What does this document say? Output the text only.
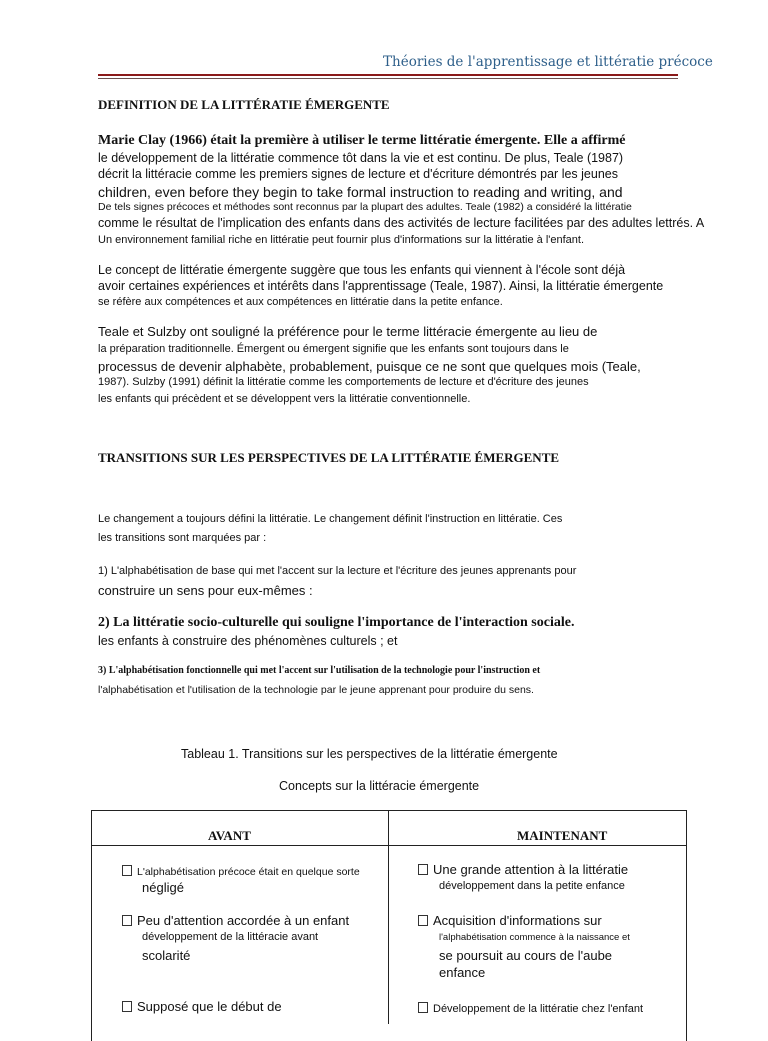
Théories de l'apprentissage et littératie précoce
DEFINITION DE LA LITTÉRATIE ÉMERGENTE
Marie Clay (1966) était la première à utiliser le terme littératie émergente. Elle a affirmé
le développement de la littératie commence tôt dans la vie et est continu. De plus, Teale (1987)
décrit la littéracie comme les premiers signes de lecture et d'écriture démontrés par les jeunes
children, even before they begin to take formal instruction to reading and writing, and
De tels signes précoces et méthodes sont reconnus par la plupart des adultes. Teale (1982) a considéré la littératie
comme le résultat de l'implication des enfants dans des activités de lecture facilitées par des adultes lettrés. A
Un environnement familial riche en littératie peut fournir plus d'informations sur la littératie à l'enfant.
Le concept de littératie émergente suggère que tous les enfants qui viennent à l'école sont déjà
avoir certaines expériences et intérêts dans l'apprentissage (Teale, 1987). Ainsi, la littératie émergente
se réfère aux compétences et aux compétences en littératie dans la petite enfance.
Teale et Sulzby ont souligné la préférence pour le terme littéracie émergente au lieu de
la préparation traditionnelle. Émergent ou émergent signifie que les enfants sont toujours dans le
processus de devenir alphabète, probablement, puisque ce ne sont que quelques mois (Teale,
1987). Sulzby (1991) définit la littératie comme les comportements de lecture et d'écriture des jeunes
les enfants qui précèdent et se développent vers la littératie conventionnelle.
TRANSITIONS SUR LES PERSPECTIVES DE LA LITTÉRATIE ÉMERGENTE
Le changement a toujours défini la littératie. Le changement définit l'instruction en littératie. Ces
les transitions sont marquées par :
1) L'alphabétisation de base qui met l'accent sur la lecture et l'écriture des jeunes apprenants pour
construire un sens pour eux-mêmes :
2) La littératie socio-culturelle qui souligne l'importance de l'interaction sociale.
les enfants à construire des phénomènes culturels ; et
3) L'alphabétisation fonctionnelle qui met l'accent sur l'utilisation de la technologie pour l'instruction et
l'alphabétisation et l'utilisation de la technologie par le jeune apprenant pour produire du sens.
Tableau 1. Transitions sur les perspectives de la littératie émergente
Concepts sur la littéracie émergente
AVANT	MAINTENANT
L'alphabétisation précoce était en quelque sorte
négligé
Peu d'attention accordée à un enfant
développement de la littéracie avant
scolarité
Supposé que le début de
Une grande attention à la littératie
développement dans la petite enfance
Acquisition d'informations sur
l'alphabétisation commence à la naissance et
se poursuit au cours de l'aube
enfance
Développement de la littératie chez l'enfant
